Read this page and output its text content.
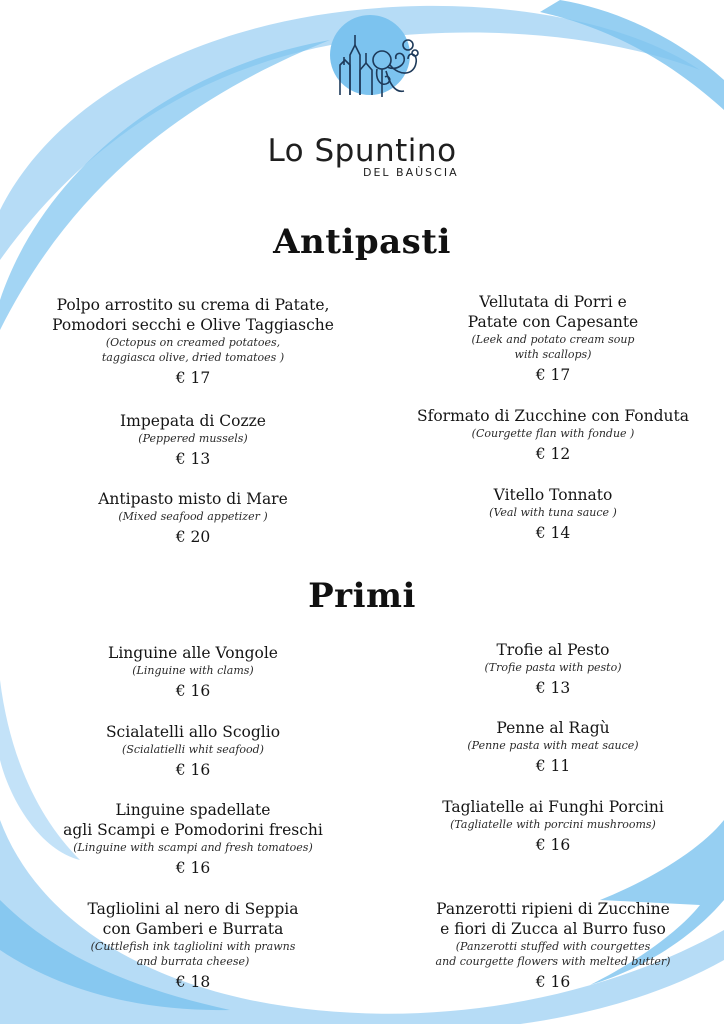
Lo Spuntino
DEL BAÙSCIA
Antipasti
Polpo arrostito su crema di Patate,
Pomodori secchi e Olive Taggiasche
(Octopus on creamed potatoes,
taggiasca olive, dried tomatoes )
€ 17
Impepata di Cozze
(Peppered mussels)
€ 13
Antipasto misto di Mare
(Mixed seafood appetizer )
€ 20
Vellutata di Porri e
Patate con Capesante
(Leek and potato cream soup
with scallops)
€ 17
Sformato di Zucchine con Fonduta
(Courgette flan with fondue )
€ 12
Vitello Tonnato
(Veal with tuna sauce )
€ 14
Primi
Linguine alle Vongole
(Linguine with clams)
€ 16
Scialatelli allo Scoglio
(Scialatielli whit seafood)
€ 16
Linguine spadellate
agli Scampi e Pomodorini freschi
(Linguine with scampi and fresh tomatoes)
€ 16
Tagliolini al nero di Seppia
con Gamberi e Burrata
(Cuttlefish ink tagliolini with prawns
and burrata cheese)
€ 18
Trofie al Pesto
(Trofie pasta with pesto)
€ 13
Penne al Ragù
(Penne pasta with meat sauce)
€ 11
Tagliatelle ai Funghi Porcini
(Tagliatelle with porcini mushrooms)
€ 16
Panzerotti ripieni di Zucchine
e fiori di Zucca al Burro fuso
(Panzerotti stuffed with courgettes
and courgette flowers with melted butter)
€ 16
